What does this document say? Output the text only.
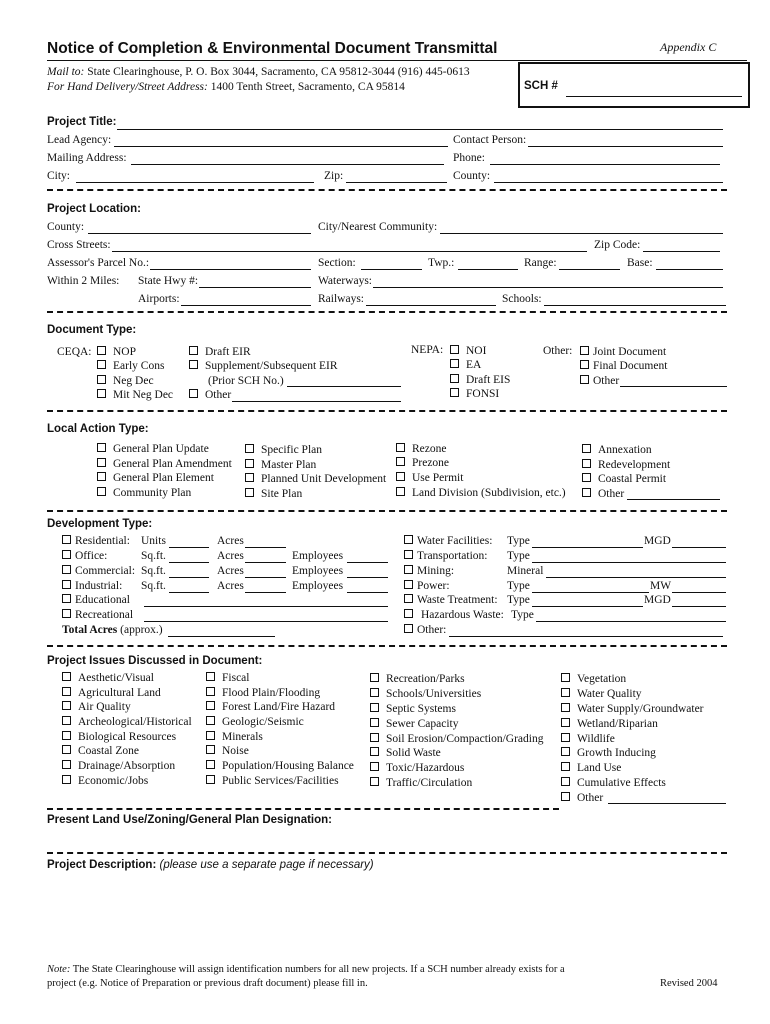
Notice of Completion & Environmental Document Transmittal	Appendix C
Mail to: State Clearinghouse, P. O. Box 3044, Sacramento, CA 95812-3044 (916) 445-0613
For Hand Delivery/Street Address: 1400 Tenth Street, Sacramento, CA 95814	SCH #
Project Title:
Lead Agency:	Contact Person:
Mailing Address:	Phone:
City:	Zip:	County:
Project Location:
County:	City/Nearest Community:
Cross Streets:	Zip Code:
Assessor's Parcel No.:	Section:	Twp.:	Range:	Base:
Within 2 Miles: State Hwy #:	Waterways:
Airports:	Railways:	Schools:
Document Type:
CEQA:	NOP
Early Cons
Neg Dec
Mit Neg Dec
Draft EIR
Supplement/Subsequent EIR
(Prior SCH No.)
Other
NEPA:	NOI
EA
Draft EIS
FONSI
Other:	Joint Document
Final Document
Other
Local Action Type:
General Plan Update
General Plan Amendment
General Plan Element
Community Plan
Specific Plan
Master Plan
Planned Unit Development
Site Plan
Rezone
Prezone
Use Permit
Land Division (Subdivision, etc.)
Annexation
Redevelopment
Coastal Permit
Other
Development Type:
Residential: Units	Acres
Office:	Sq.ft.	Acres	Employees
Commercial: Sq.ft.	Acres	Employees
Industrial: Sq.ft.	Acres	Employees
Educational
Recreational
Total Acres (approx.)
Water Facilities: Type	MGD
Transportation: Type
Mining:	Mineral
Power:	Type	MW
Waste Treatment: Type	MGD
Hazardous Waste: Type
Other:
Project Issues Discussed in Document:
Aesthetic/Visual
Agricultural Land
Air Quality
Archeological/Historical
Biological Resources
Coastal Zone
Drainage/Absorption
Economic/Jobs
Fiscal
Flood Plain/Flooding
Forest Land/Fire Hazard
Geologic/Seismic
Minerals
Noise
Population/Housing Balance
Public Services/Facilities
Recreation/Parks
Schools/Universities
Septic Systems
Sewer Capacity
Soil Erosion/Compaction/Grading
Solid Waste
Toxic/Hazardous
Traffic/Circulation
Vegetation
Water Quality
Water Supply/Groundwater
Wetland/Riparian
Wildlife
Growth Inducing
Land Use
Cumulative Effects
Other
Present Land Use/Zoning/General Plan Designation:
Project Description: (please use a separate page if necessary)
Note: The State Clearinghouse will assign identification numbers for all new projects. If a SCH number already exists for a
project (e.g. Notice of Preparation or previous draft document) please fill in.	Revised 2004
